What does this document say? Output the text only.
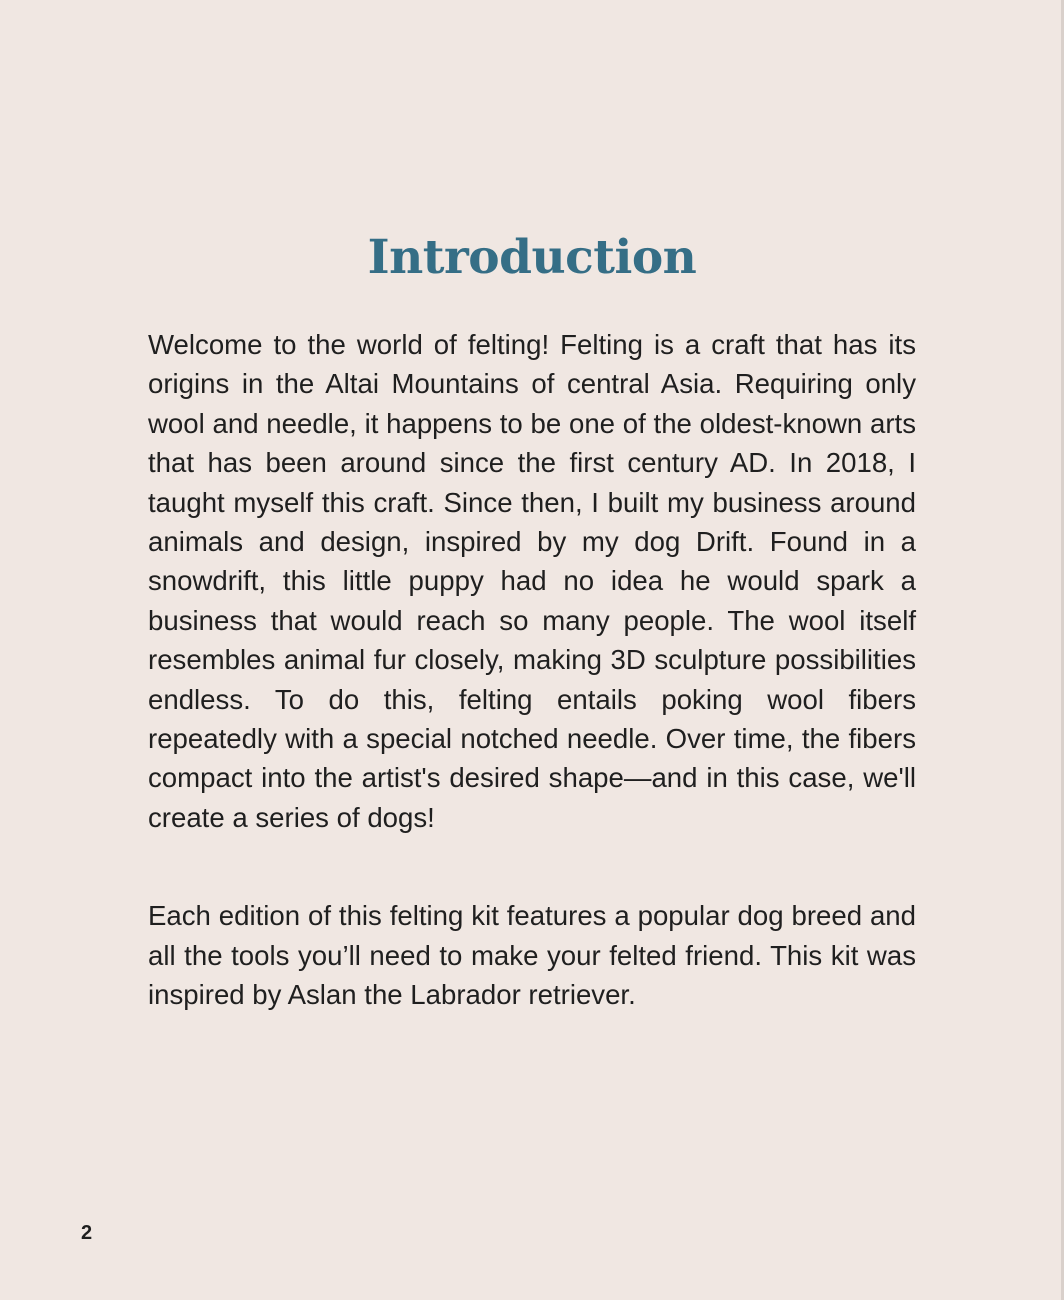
Introduction

Welcome to the world of felting! Felting is a craft that has its origins in the Altai Mountains of central Asia. Requiring only wool and needle, it happens to be one of the oldest-known arts that has been around since the first century AD. In 2018, I taught myself this craft. Since then, I built my business around animals and design, inspired by my dog Drift. Found in a snowdrift, this little puppy had no idea he would spark a business that would reach so many people. The wool itself resembles animal fur closely, making 3D sculpture possibilities endless. To do this, felting entails poking wool fibers repeatedly with a special notched needle. Over time, the fibers compact into the artist's desired shape—and in this case, we'll create a series of dogs!

Each edition of this felting kit features a popular dog breed and all the tools you’ll need to make your felted friend. This kit was inspired by Aslan the Labrador retriever.

2
